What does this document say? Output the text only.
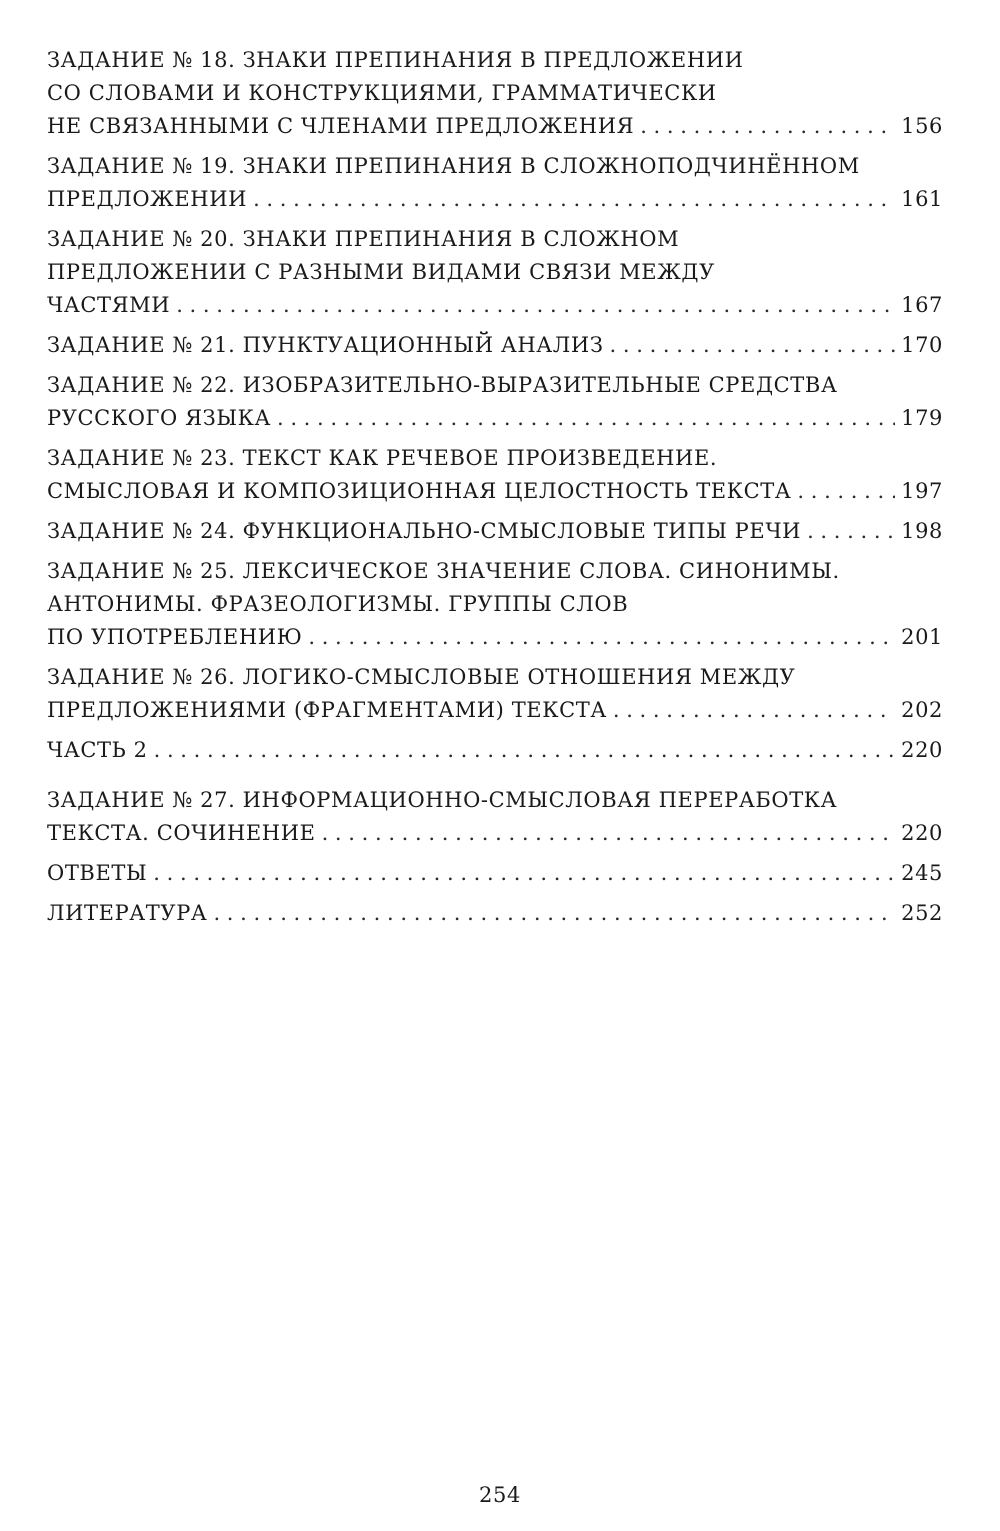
ЗАДАНИЕ № 18. ЗНАКИ ПРЕПИНАНИЯ В ПРЕДЛОЖЕНИИ
СО СЛОВАМИ И КОНСТРУКЦИЯМИ, ГРАММАТИЧЕСКИ
НЕ СВЯЗАННЫМИ С ЧЛЕНАМИ ПРЕДЛОЖЕНИЯ . . .	156
ЗАДАНИЕ № 19. ЗНАКИ ПРЕПИНАНИЯ В СЛОЖНОПОДЧИНЁННОМ
ПРЕДЛОЖЕНИИ . . .	161
ЗАДАНИЕ № 20. ЗНАКИ ПРЕПИНАНИЯ В СЛОЖНОМ
ПРЕДЛОЖЕНИИ С РАЗНЫМИ ВИДАМИ СВЯЗИ МЕЖДУ
ЧАСТЯМИ . . .	167
ЗАДАНИЕ № 21. ПУНКТУАЦИОННЫЙ АНАЛИЗ . . .	170
ЗАДАНИЕ № 22. ИЗОБРАЗИТЕЛЬНО-ВЫРАЗИТЕЛЬНЫЕ СРЕДСТВА
РУССКОГО ЯЗЫКА . . .	179
ЗАДАНИЕ № 23. ТЕКСТ КАК РЕЧЕВОЕ ПРОИЗВЕДЕНИЕ.
СМЫСЛОВАЯ И КОМПОЗИЦИОННАЯ ЦЕЛОСТНОСТЬ ТЕКСТА . . .	197
ЗАДАНИЕ № 24. ФУНКЦИОНАЛЬНО-СМЫСЛОВЫЕ ТИПЫ РЕЧИ . . .	198
ЗАДАНИЕ № 25. ЛЕКСИЧЕСКОЕ ЗНАЧЕНИЕ СЛОВА. СИНОНИМЫ.
АНТОНИМЫ. ФРАЗЕОЛОГИЗМЫ. ГРУППЫ СЛОВ
ПО УПОТРЕБЛЕНИЮ . . .	201
ЗАДАНИЕ № 26. ЛОГИКО-СМЫСЛОВЫЕ ОТНОШЕНИЯ МЕЖДУ
ПРЕДЛОЖЕНИЯМИ (ФРАГМЕНТАМИ) ТЕКСТА . . .	202
ЧАСТЬ 2 . . .	220
ЗАДАНИЕ № 27. ИНФОРМАЦИОННО-СМЫСЛОВАЯ ПЕРЕРАБОТКА
ТЕКСТА. СОЧИНЕНИЕ . . .	220
ОТВЕТЫ . . .	245
ЛИТЕРАТУРА . . .	252
254
